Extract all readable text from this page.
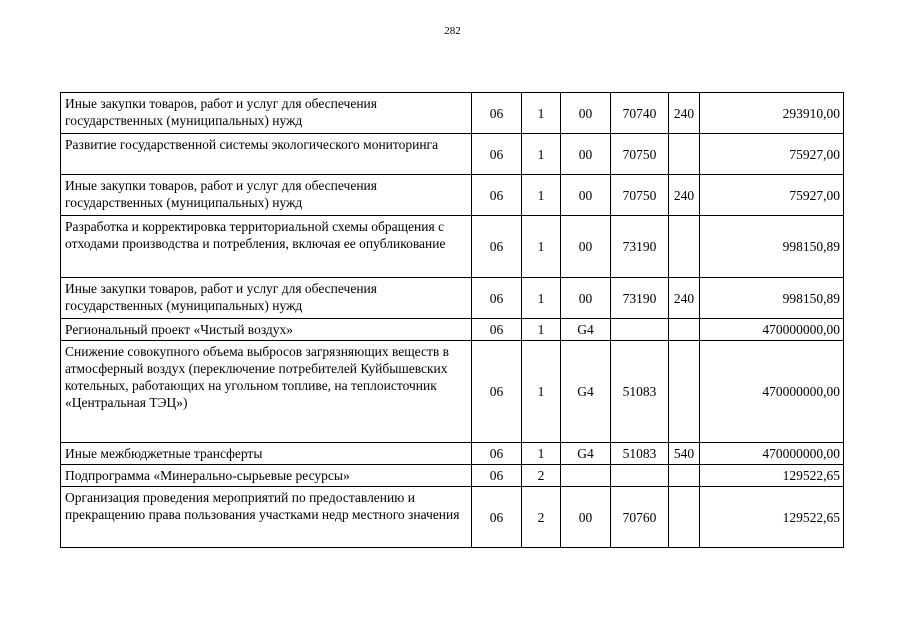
282
Иные закупки товаров, работ и услуг для обеспечения государственных (муниципальных) нужд	06	1	00	70740	240	293910,00
Развитие государственной системы экологического мониторинга	06	1	00	70750		75927,00
Иные закупки товаров, работ и услуг для обеспечения государственных (муниципальных) нужд	06	1	00	70750	240	75927,00
Разработка и корректировка территориальной схемы обращения с отходами производства и потребления, включая ее опубликование	06	1	00	73190		998150,89
Иные закупки товаров, работ и услуг для обеспечения государственных (муниципальных) нужд	06	1	00	73190	240	998150,89
Региональный проект «Чистый воздух»	06	1	G4			470000000,00
Снижение совокупного объема выбросов загрязняющих веществ в атмосферный воздух (переключение потребителей Куйбышевских котельных, работающих на угольном топливе, на теплоисточник «Центральная ТЭЦ»)	06	1	G4	51083		470000000,00
Иные межбюджетные трансферты	06	1	G4	51083	540	470000000,00
Подпрограмма «Минерально-сырьевые ресурсы»	06	2				129522,65
Организация проведения мероприятий по предоставлению и прекращению права пользования участками недр местного значения	06	2	00	70760		129522,65
